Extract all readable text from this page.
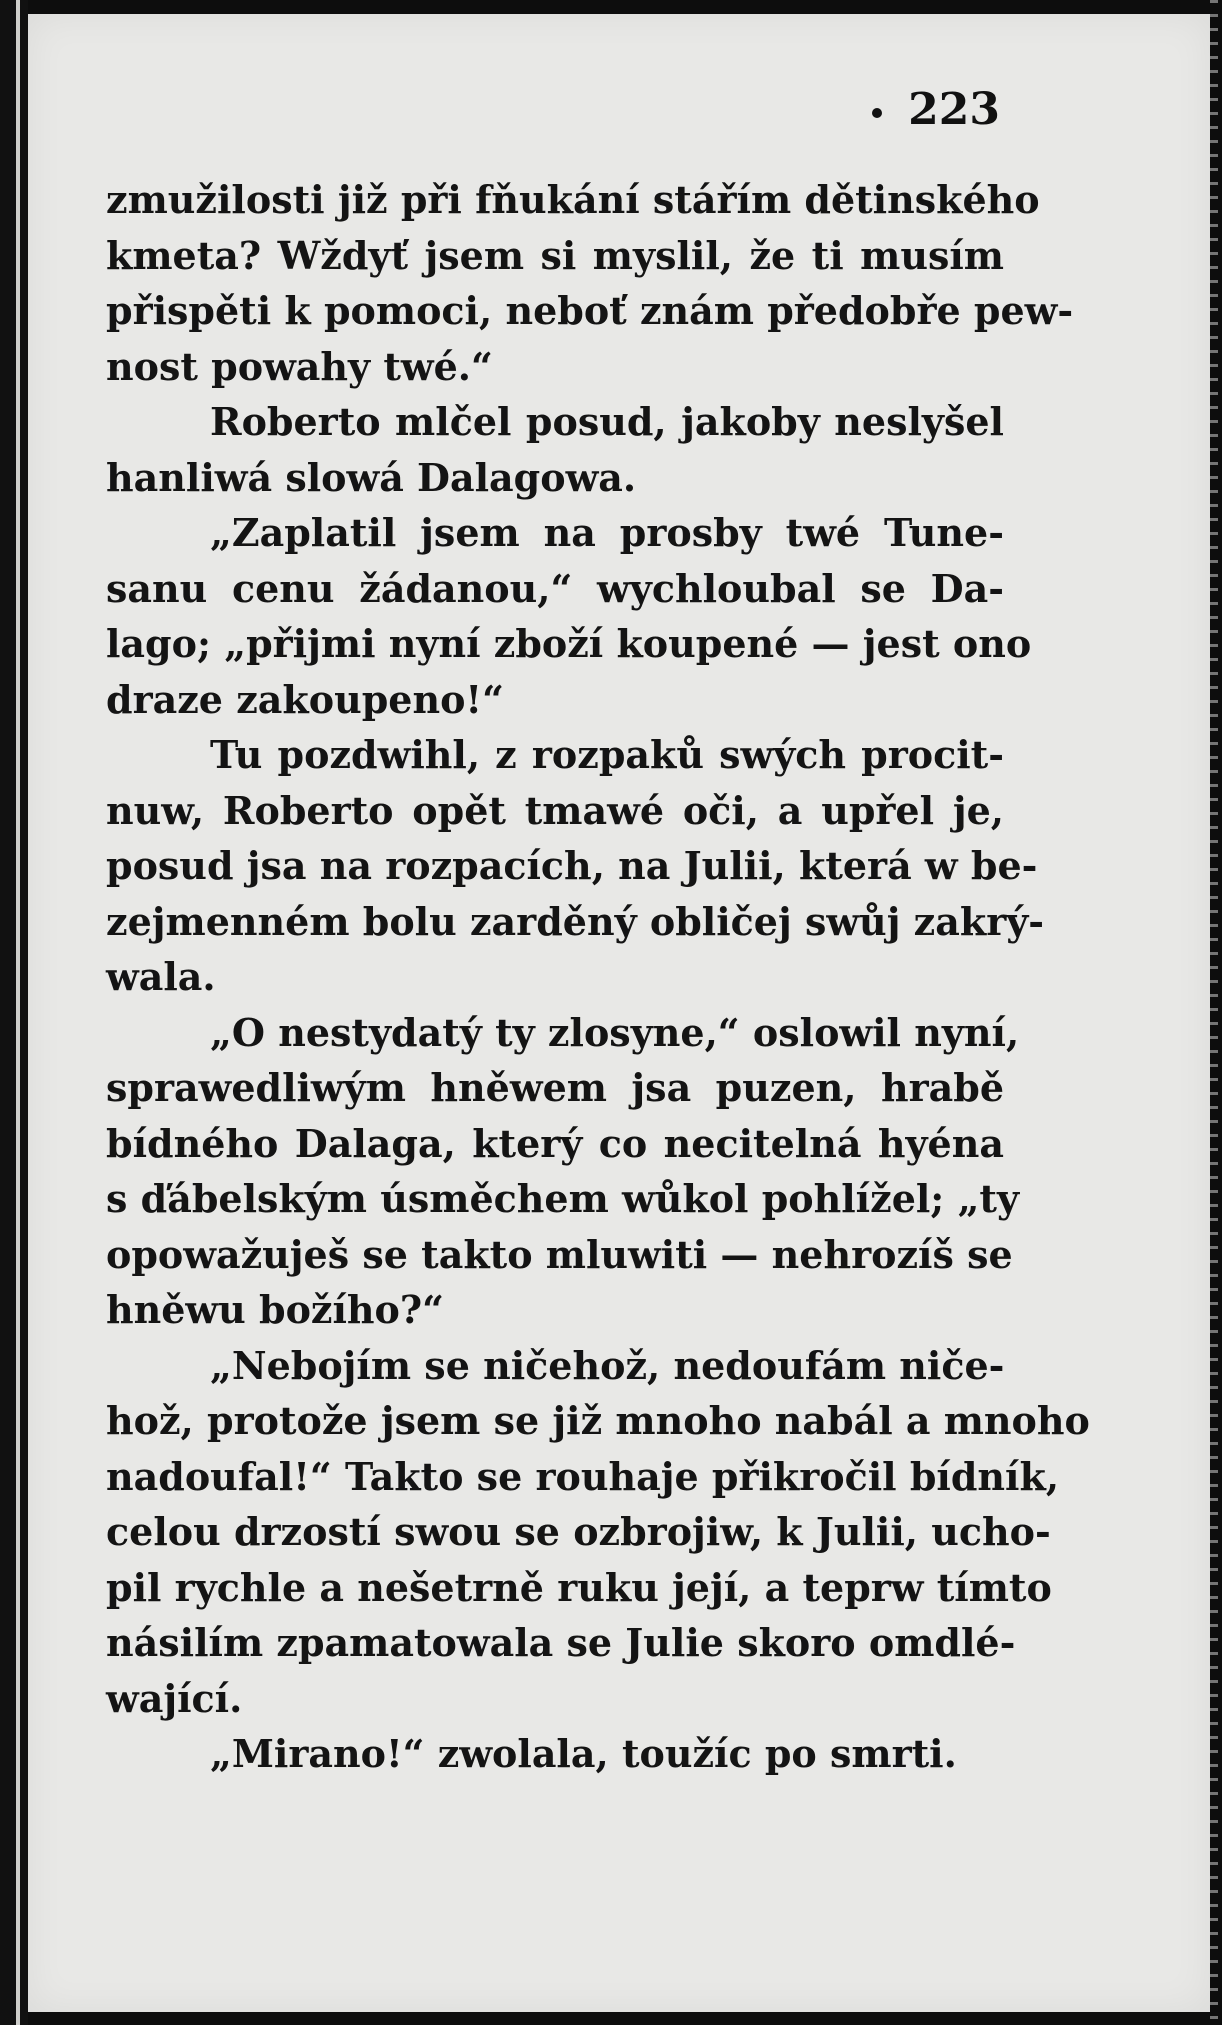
223
zmužilosti již při fňukání stářím dětinského
kmeta? Wždyť jsem si myslil, že ti musím
přispěti k pomoci, neboť znám předobře pew-
nost powahy twé.“
Roberto mlčel posud, jakoby neslyšel
hanliwá slowá Dalagowa.
„Zaplatil jsem na prosby twé Tune-
sanu cenu žádanou,“ wychloubal se Da-
lago; „přijmi nyní zboží koupené — jest ono
draze zakoupeno!“
Tu pozdwihl, z rozpaků swých procit-
nuw, Roberto opět tmawé oči, a upřel je,
posud jsa na rozpacích, na Julii, která w be-
zejmenném bolu zarděný obličej swůj zakrý-
wala.
„O nestydatý ty zlosyne,“ oslowil nyní,
sprawedliwým hněwem jsa puzen, hrabě
bídného Dalaga, který co necitelná hyéna
s ďábelským úsměchem wůkol pohlížel; „ty
opowažuješ se takto mluwiti — nehrozíš se
hněwu božího?“
„Nebojím se ničehož, nedoufám niče-
hož, protože jsem se již mnoho nabál a mnoho
nadoufal!“ Takto se rouhaje přikročil bídník,
celou drzostí swou se ozbrojiw, k Julii, ucho-
pil rychle a nešetrně ruku její, a teprw tímto
násilím zpamatowala se Julie skoro omdlé-
wající.
„Mirano!“ zwolala, toužíc po smrti.
